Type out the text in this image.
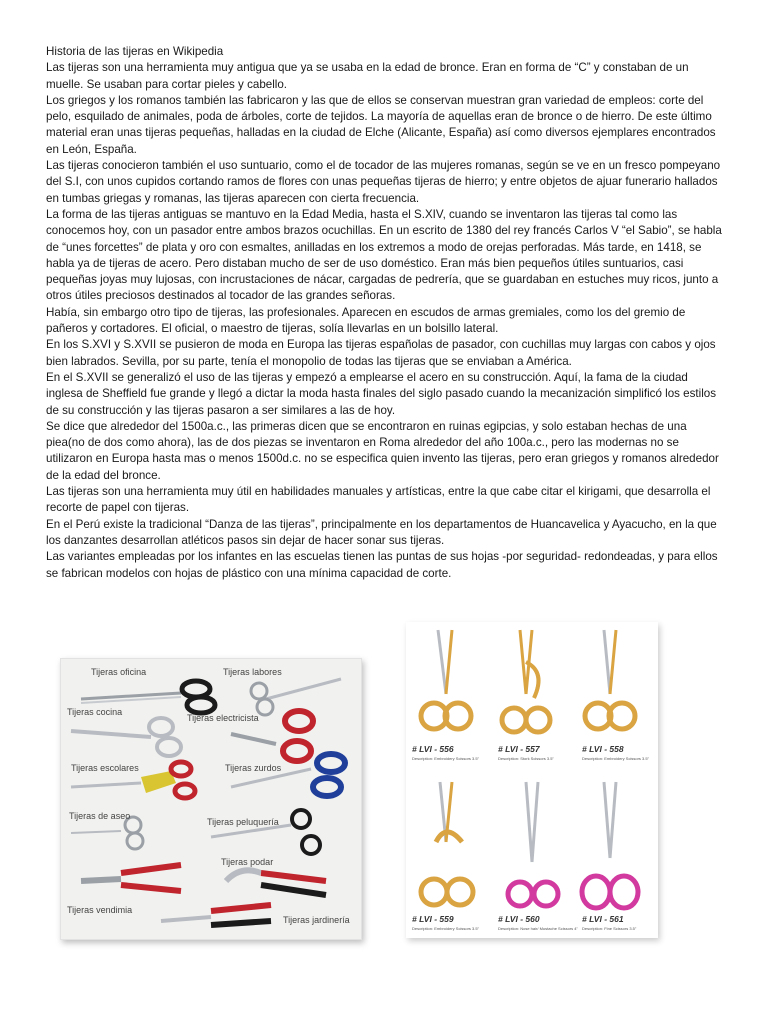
Historia de las tijeras en Wikipedia

Las tijeras son una herramienta muy antigua que ya se usaba en la edad de bronce. Eran en forma de “C” y constaban de un muelle. Se usaban para cortar pieles y cabello.

Los griegos y los romanos también las fabricaron y las que de ellos se conservan muestran gran variedad de empleos: corte del pelo, esquilado de animales, poda de árboles, corte de tejidos. La mayoría de aquellas eran de bronce o de hierro. De este último material eran unas tijeras pequeñas, halladas en la ciudad de Elche (Alicante, España) así como diversos ejemplares encontrados en León, España.

Las tijeras conocieron también el uso suntuario, como el de tocador de las mujeres romanas, según se ve en un fresco pompeyano del S.I, con unos cupidos cortando ramos de flores con unas pequeñas tijeras de hierro; y entre objetos de ajuar funerario hallados en tumbas griegas y romanas, las tijeras aparecen con cierta frecuencia.

La forma de las tijeras antiguas se mantuvo en la Edad Media, hasta el S.XIV, cuando se inventaron las tijeras tal como las conocemos hoy, con un pasador entre ambos brazos ocuchillas. En un escrito de 1380 del rey francés Carlos V “el Sabio”, se habla de “unes forcettes” de plata y oro con esmaltes, anilladas en los extremos a modo de orejas perforadas. Más tarde, en 1418, se habla ya de tijeras de acero. Pero distaban mucho de ser de uso doméstico. Eran más bien pequeños útiles suntuarios, casi pequeñas joyas muy lujosas, con incrustaciones de nácar, cargadas de pedrería, que se guardaban en estuches muy ricos, junto a otros útiles preciosos destinados al tocador de las grandes señoras.

Había, sin embargo otro tipo de tijeras, las profesionales. Aparecen en escudos de armas gremiales, como los del gremio de pañeros y cortadores. El oficial, o maestro de tijeras, solía llevarlas en un bolsillo lateral.

En los S.XVI y S.XVII se pusieron de moda en Europa las tijeras españolas de pasador, con cuchillas muy largas con cabos y ojos bien labrados. Sevilla, por su parte, tenía el monopolio de todas las tijeras que se enviaban a América.

En el S.XVII se generalizó el uso de las tijeras y empezó a emplearse el acero en su construcción. Aquí, la fama de la ciudad inglesa de Sheffield fue grande y llegó a dictar la moda hasta finales del siglo pasado cuando la mecanización simplificó los estilos de su construcción y las tijeras pasaron a ser similares a las de hoy.

Se dice que alrededor del 1500a.c., las primeras dicen que se encontraron en ruinas egipcias, y solo estaban hechas de una piea(no de dos como ahora), las de dos piezas se inventaron en Roma alrededor del año 100a.c., pero las modernas no se utilizaron en Europa hasta mas o menos 1500d.c. no se especifica quien invento las tijeras, pero eran griegos y romanos alrededor de la edad del bronce.

Las tijeras son una herramienta muy útil en habilidades manuales y artísticas, entre la que cabe citar el kirigami, que desarrolla el recorte de papel con tijeras.

En el Perú existe la tradicional “Danza de las tijeras”, principalmente en los departamentos de Huancavelica y Ayacucho, en la que los danzantes desarrollan atléticos pasos sin dejar de hacer sonar sus tijeras.

Las variantes empleadas por los infantes en las escuelas tienen las puntas de sus hojas -por seguridad- redondeadas, y para ellos se fabrican modelos con hojas de plástico con una mínima capacidad de corte.

Tijeras oficina	Tijeras labores
Tijeras cocina
Tijeras electricista
Tijeras escolares	Tijeras zurdos
Tijeras de aseo
Tijeras peluquería
Tijeras podar
Tijeras vendimia
Tijeras jardinería
# LVI - 556
Description: Embroidery Scissors 3.5"
# LVI - 557
Description: Stork Scissors 3.5"
# LVI - 558
Description: Embroidery Scissors 3.5"
# LVI - 559
Description: Embroidery Scissors 3.5"
# LVI - 560
Description: Nose hair/ Mustache Scissors 4"
# LVI - 561
Description: Fine Scissors 3.5"
